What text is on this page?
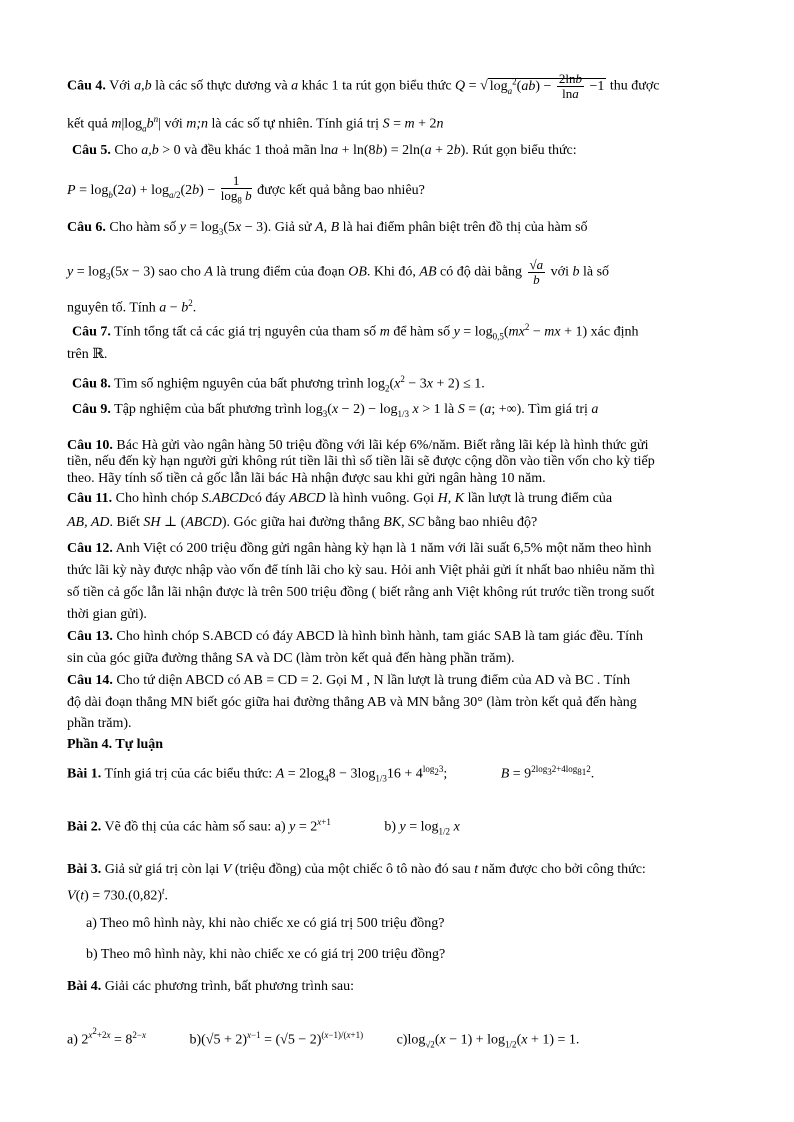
Câu 4. Với a,b là các số thực dương và a khác 1 ta rút gọn biểu thức Q = √ $\log_a^2(ab) - \frac{2\ln b}{\ln a} -1$ thu được
kết quả $m|\log_ab^n|$ với m;n là các số tự nhiên. Tính giá trị S = m + 2n
Câu 5. Cho a,b > 0 và đều khác 1 thoả mãn lna + ln(8b) = 2ln(a + 2b). Rút gọn biểu thức:
$P = \log_b(2a) + \log_{a/2}(2b) - \frac{1}{\log_8 b}$ được kết quả bằng bao nhiêu?
Câu 6. Cho hàm số $y = \log_3(5x - 3)$. Giả sử A, B là hai điểm phân biệt trên đồ thị của hàm số
$y = \log_3(5x - 3)$ sao cho A là trung điểm của đoạn OB. Khi đó, AB có độ dài bằng $\frac{√a}{b}$ với b là số
nguyên tố. Tính $a - b^2$.
Câu 7. Tính tổng tất cả các giá trị nguyên của tham số m để hàm số $y = \log_{0,5}(mx^2$ − mx + 1) xác định
trên ℝ.
Câu 8. Tìm số nghiệm nguyên của bất phương trình $\log_2(x^2 - 3x + 2) \le 1$.
Câu 9. Tập nghiệm của bất phương trình $\log_3(x - 2) - \log_{1/3} x > 1$ là S = (a; +∞). Tìm giá trị a
Câu 10. Bác Hà gửi vào ngân hàng 50 triệu đồng với lãi kép 6%/năm. Biết rằng lãi kép là hình thức gửi
tiền, nếu đến kỳ hạn người gửi không rút tiền lãi thì số tiền lãi sẽ được cộng dồn vào tiền vốn cho kỳ tiếp
theo. Hãy tính số tiền cả gốc lẫn lãi bác Hà nhận được sau khi gửi ngân hàng 10 năm.
Câu 11. Cho hình chóp S.ABCDcó đáy ABCD là hình vuông. Gọi H, K lần lượt là trung điểm của
AB, AD. Biết SH ⊥ (ABCD). Góc giữa hai đường thẳng BK, SC bằng bao nhiêu độ?
Câu 12. Anh Việt có 200 triệu đồng gửi ngân hàng kỳ hạn là 1 năm với lãi suất 6,5% một năm theo hình
thức lãi kỳ này được nhập vào vốn để tính lãi cho kỳ sau. Hỏi anh Việt phải gửi ít nhất bao nhiêu năm thì
số tiền cả gốc lẫn lãi nhận được là trên 500 triệu đồng ( biết rằng anh Việt không rút trước tiền trong suốt
thời gian gửi).
Câu 13. Cho hình chóp S.ABCD có đáy ABCD là hình bình hành, tam giác SAB là tam giác đều. Tính
sin của góc giữa đường thẳng SA và DC (làm tròn kết quả đến hàng phần trăm).
Câu 14. Cho tứ diện ABCD có AB = CD = 2. Gọi M , N lần lượt là trung điểm của AD và BC . Tính
độ dài đoạn thẳng MN biết góc giữa hai đường thẳng AB và MN bằng 30° (làm tròn kết quả đến hàng
phần trăm).
Phần 4. Tự luận
Bài 1. Tính giá trị của các biểu thức: $A = 2\log_48 - 3\log_{1/3}16 + 4^{log_23}$;	$B = 9^{2log_32+4log_{81}2}$.
Bài 2. Vẽ đồ thị của các hàm số sau: a) $y = 2^{x+1}$	b) $y = \log_{1/2} x$
Bài 3. Giả sử giá trị còn lại V (triệu đồng) của một chiếc ô tô nào đó sau t năm được cho bởi công thức:
$V(t) = 730.(0,82)^t$.
a) Theo mô hình này, khi nào chiếc xe có giá trị 500 triệu đồng?
b) Theo mô hình này, khi nào chiếc xe có giá trị 200 triệu đồng?
Bài 4. Giải các phương trình, bất phương trình sau:
a) $2^{x^2+2x} = 8^{2-x}$	$b)(√5 + 2)^{x-1} = (√5 - 2)^{(x-1)/(x+1)}$ $c)\log_{√2}(x - 1) + \log_{1/2}(x + 1) = 1$.
